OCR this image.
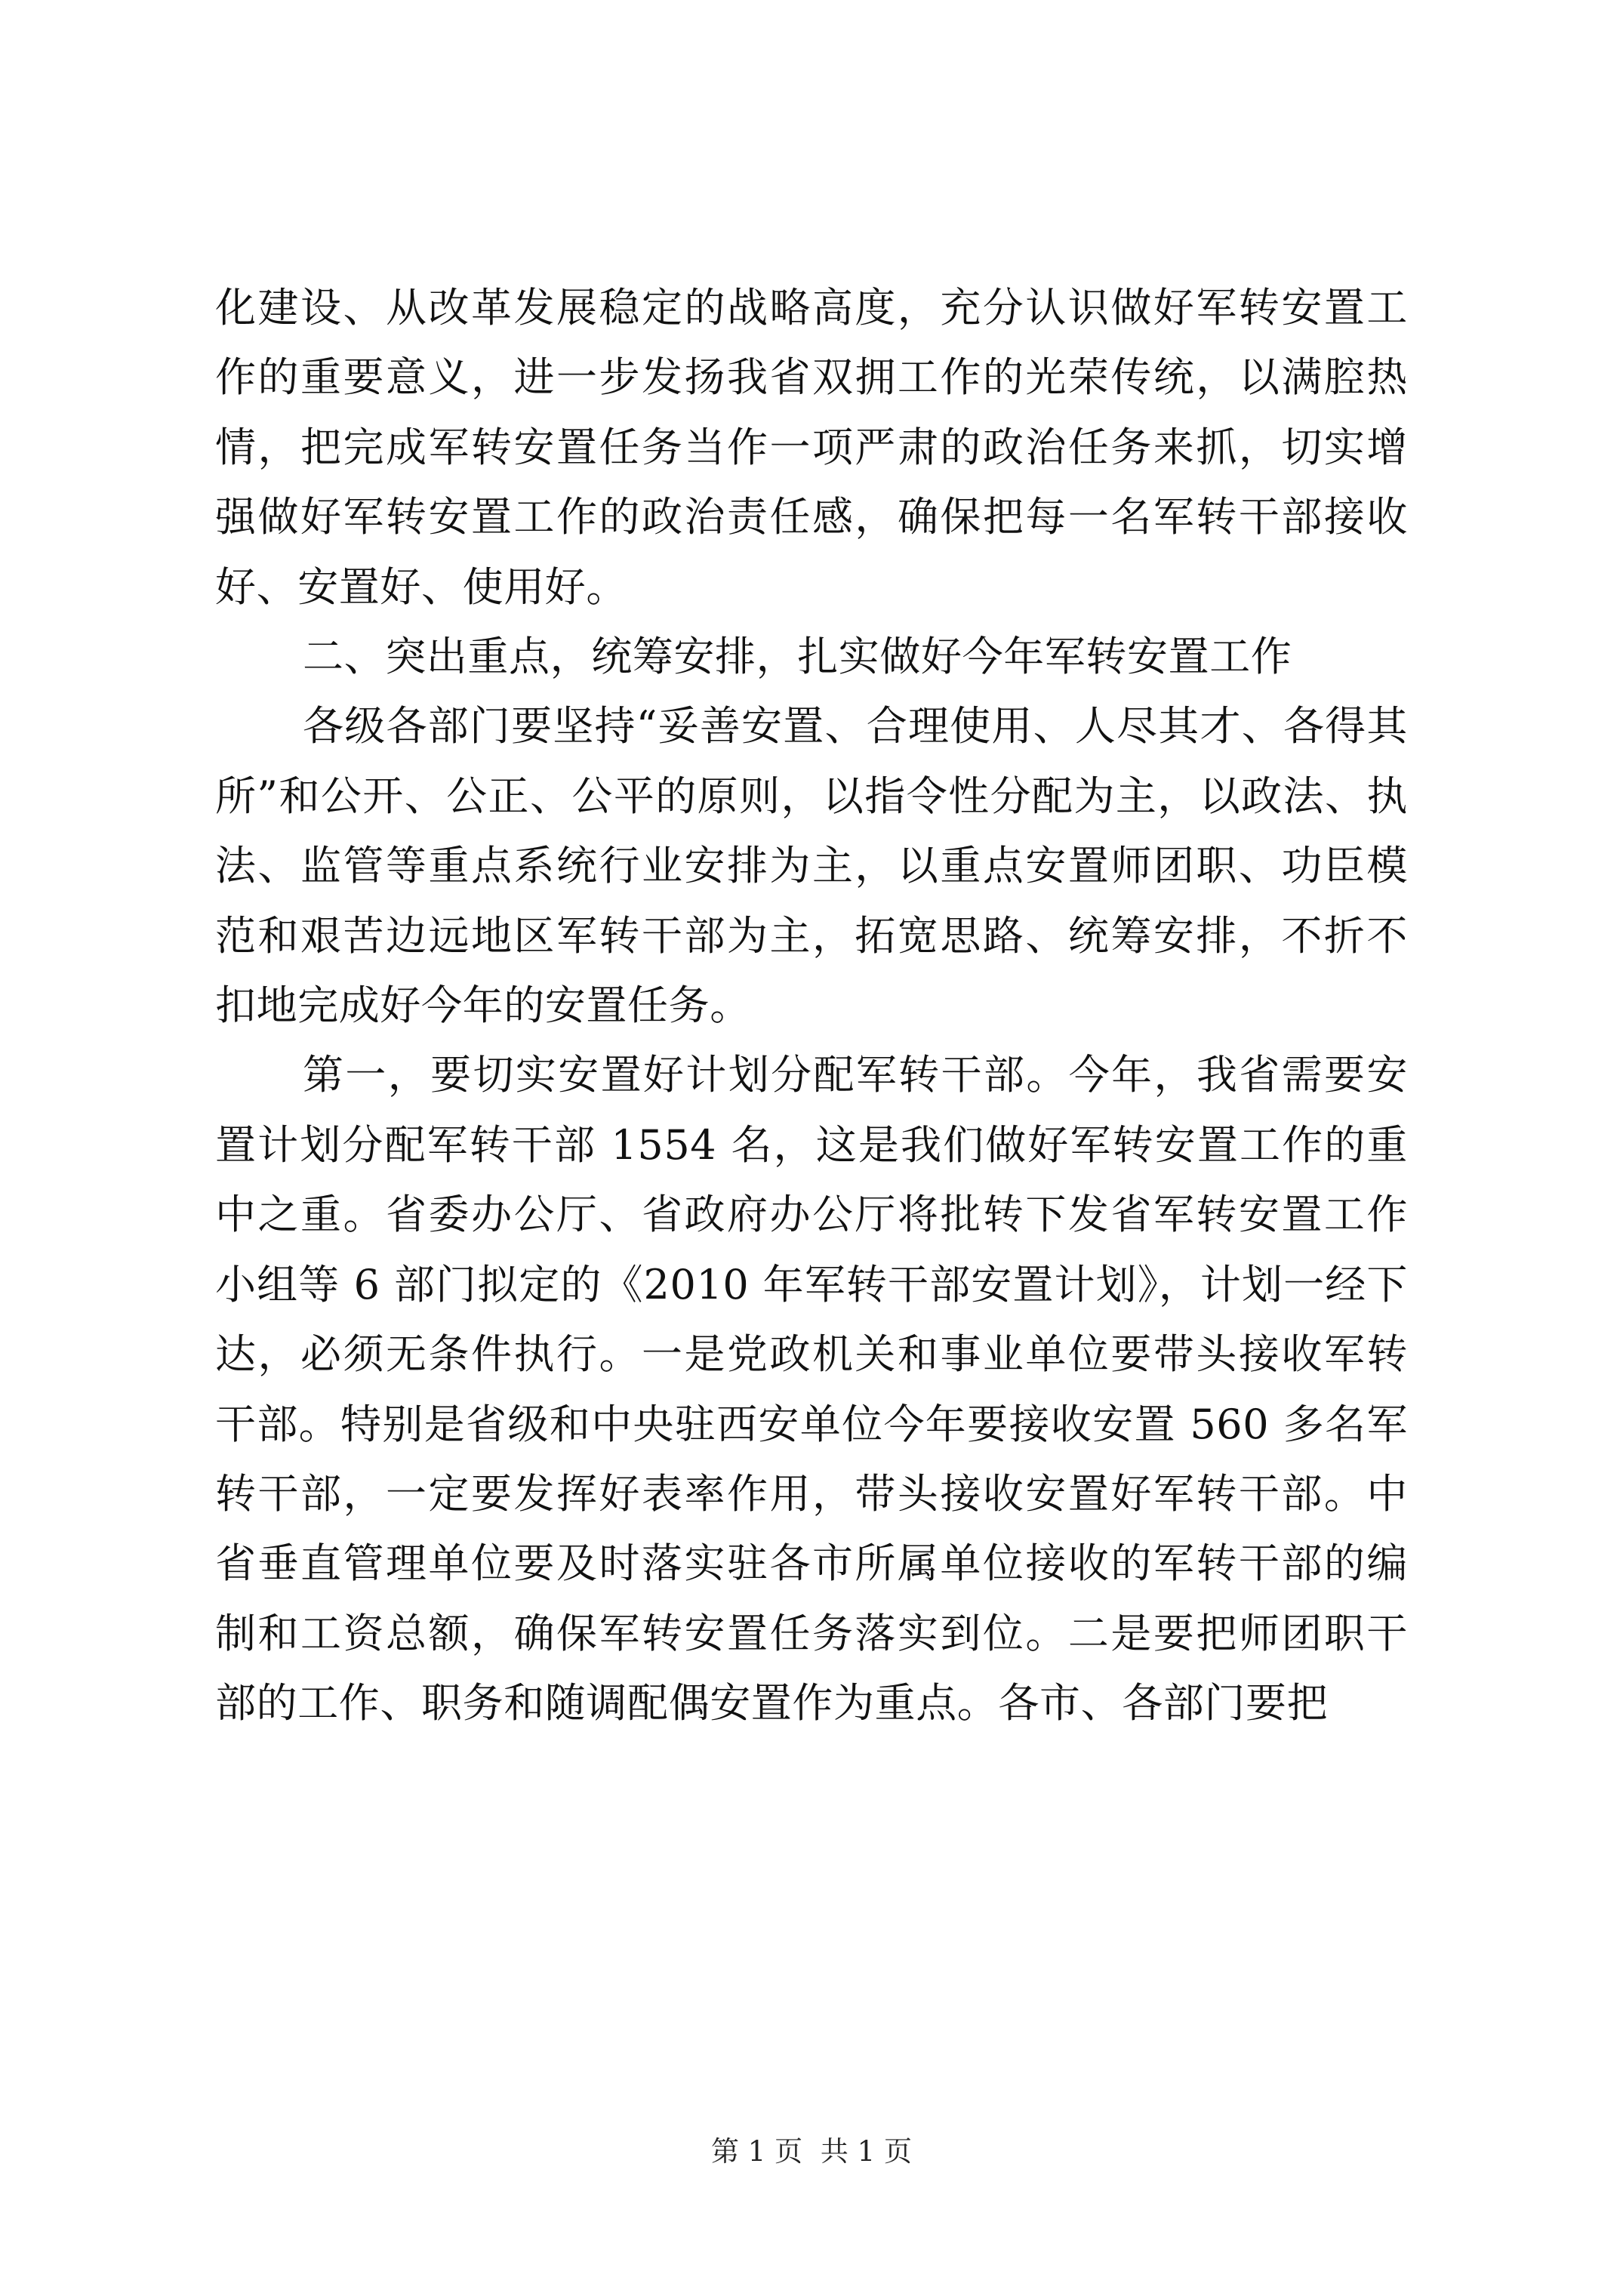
化建设、从改革发展稳定的战略高度，充分认识做好军转安置工作的重要意义，进一步发扬我省双拥工作的光荣传统，以满腔热情，把完成军转安置任务当作一项严肃的政治任务来抓，切实增强做好军转安置工作的政治责任感，确保把每一名军转干部接收好、安置好、使用好。

二、突出重点，统筹安排，扎实做好今年军转安置工作

各级各部门要坚持“妥善安置、合理使用、人尽其才、各得其所”和公开、公正、公平的原则，以指令性分配为主，以政法、执法、监管等重点系统行业安排为主，以重点安置师团职、功臣模范和艰苦边远地区军转干部为主，拓宽思路、统筹安排，不折不扣地完成好今年的安置任务。

第一，要切实安置好计划分配军转干部。今年，我省需要安置计划分配军转干部 1554 名，这是我们做好军转安置工作的重中之重。省委办公厅、省政府办公厅将批转下发省军转安置工作小组等 6 部门拟定的《2010 年军转干部安置计划》，计划一经下达，必须无条件执行。一是党政机关和事业单位要带头接收军转干部。特别是省级和中央驻西安单位今年要接收安置 560 多名军转干部，一定要发挥好表率作用，带头接收安置好军转干部。中省垂直管理单位要及时落实驻各市所属单位接收的军转干部的编制和工资总额，确保军转安置任务落实到位。二是要把师团职干部的工作、职务和随调配偶安置作为重点。各市、各部门要把

第 1 页 共 1 页
